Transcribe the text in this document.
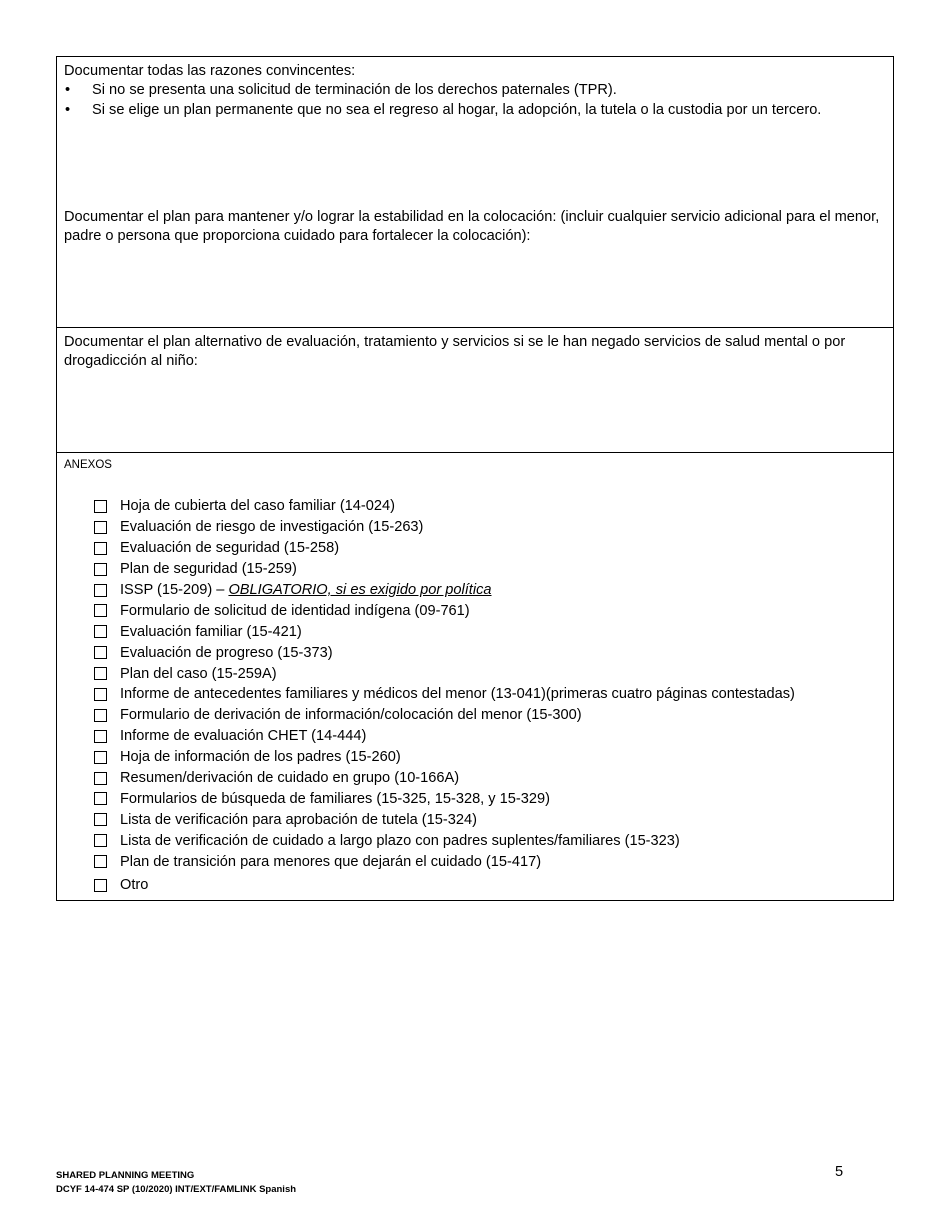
Documentar todas las razones convincentes:

• Si no se presenta una solicitud de terminación de los derechos paternales (TPR).
• Si se elige un plan permanente que no sea el regreso al hogar, la adopción, la tutela o la custodia por un tercero.

Documentar el plan para mantener y/o lograr la estabilidad en la colocación: (incluir cualquier servicio adicional para el menor, padre o persona que proporciona cuidado para fortalecer la colocación):

Documentar el plan alternativo de evaluación, tratamiento y servicios si se le han negado servicios de salud mental o por drogadicción al niño:

ANEXOS

Hoja de cubierta del caso familiar (14-024)
Evaluación de riesgo de investigación (15-263)
Evaluación de seguridad (15-258)
Plan de seguridad (15-259)
ISSP (15-209) – OBLIGATORIO, si es exigido por política
Formulario de solicitud de identidad indígena (09-761)
Evaluación familiar (15-421)
Evaluación de progreso (15-373)
Plan del caso (15-259A)
Informe de antecedentes familiares y médicos del menor (13-041)(primeras cuatro páginas contestadas)
Formulario de derivación de información/colocación del menor (15-300)
Informe de evaluación CHET (14-444)
Hoja de información de los padres (15-260)
Resumen/derivación de cuidado en grupo (10-166A)
Formularios de búsqueda de familiares (15-325, 15-328, y 15-329)
Lista de verificación para aprobación de tutela (15-324)
Lista de verificación de cuidado a largo plazo con padres suplentes/familiares (15-323)
Plan de transición para menores que dejarán el cuidado (15-417)
Otro
SHARED PLANNING MEETING
DCYF 14-474 SP (10/2020) INT/EXT/FAMLINK Spanish
5
